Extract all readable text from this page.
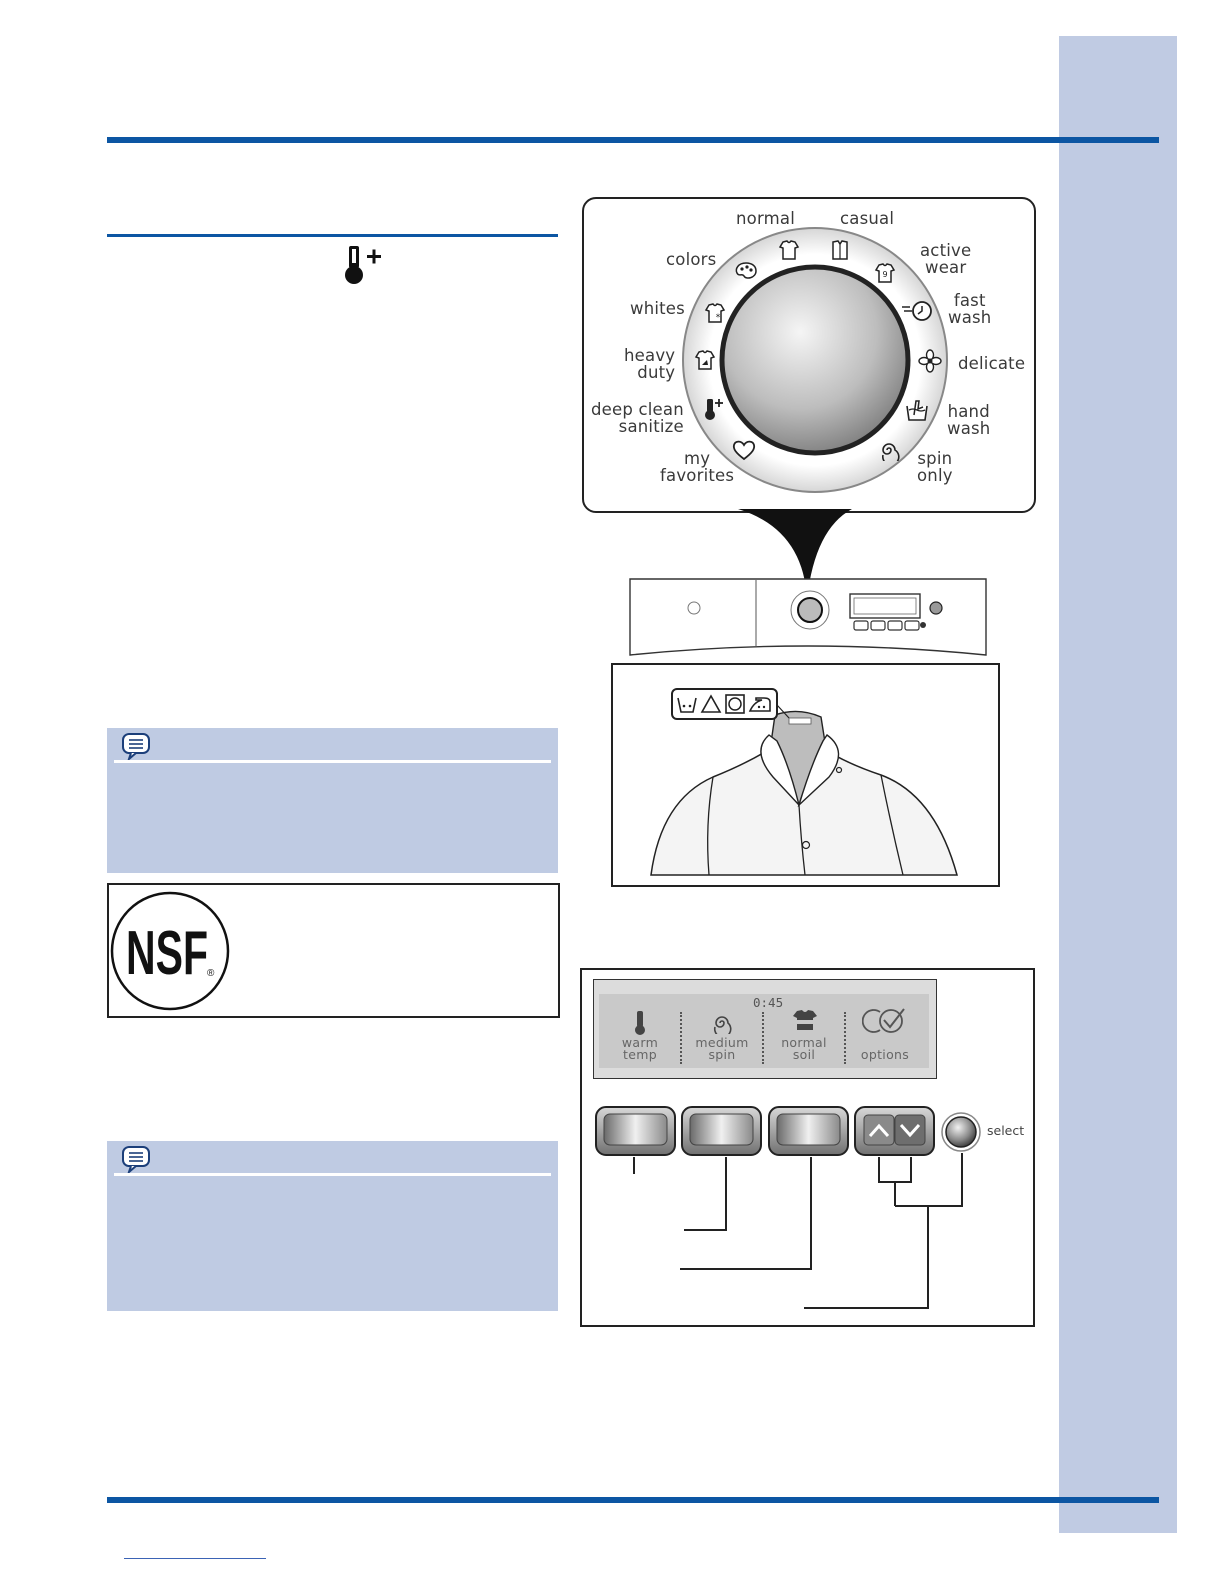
NSF ®
9
*
normal	casual
colors	active
wear
whites	fast
wash
heavy
duty	delicate
deep clean
sanitize
hand
wash
my
favorites
spin
only
0:45
warm
temp
medium
spin
normal
soil	options
select
